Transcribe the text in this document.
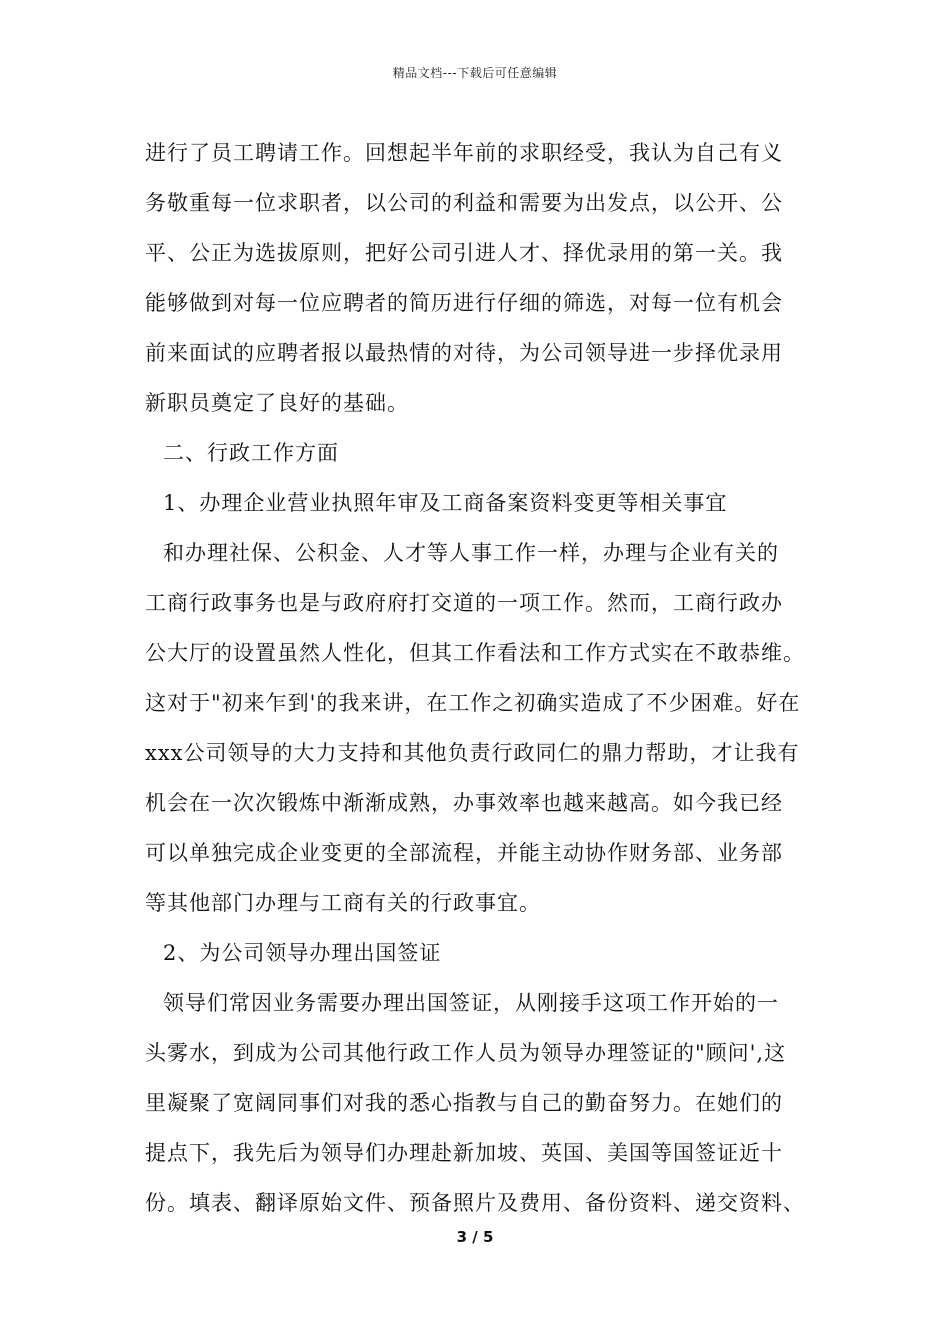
精品文档---下载后可任意编辑
进行了员工聘请工作。回想起半年前的求职经受，我认为自己有义
务敬重每一位求职者，以公司的利益和需要为出发点，以公开、公
平、公正为选拔原则，把好公司引进人才、择优录用的第一关。我
能够做到对每一位应聘者的简历进行仔细的筛选，对每一位有机会
前来面试的应聘者报以最热情的对待，为公司领导进一步择优录用
新职员奠定了良好的基础。
二、行政工作方面
1、办理企业营业执照年审及工商备案资料变更等相关事宜
和办理社保、公积金、人才等人事工作一样，办理与企业有关的
工商行政事务也是与政府府打交道的一项工作。然而，工商行政办
公大厅的设置虽然人性化，但其工作看法和工作方式实在不敢恭维。
这对于"初来乍到'的我来讲，在工作之初确实造成了不少困难。好在
xxx公司领导的大力支持和其他负责行政同仁的鼎力帮助，才让我有
机会在一次次锻炼中渐渐成熟，办事效率也越来越高。如今我已经
可以单独完成企业变更的全部流程，并能主动协作财务部、业务部
等其他部门办理与工商有关的行政事宜。
2、为公司领导办理出国签证
领导们常因业务需要办理出国签证，从刚接手这项工作开始的一
头雾水，到成为公司其他行政工作人员为领导办理签证的"顾问',这
里凝聚了宽阔同事们对我的悉心指教与自己的勤奋努力。在她们的
提点下，我先后为领导们办理赴新加坡、英国、美国等国签证近十
份。填表、翻译原始文件、预备照片及费用、备份资料、递交资料、
3 / 5
